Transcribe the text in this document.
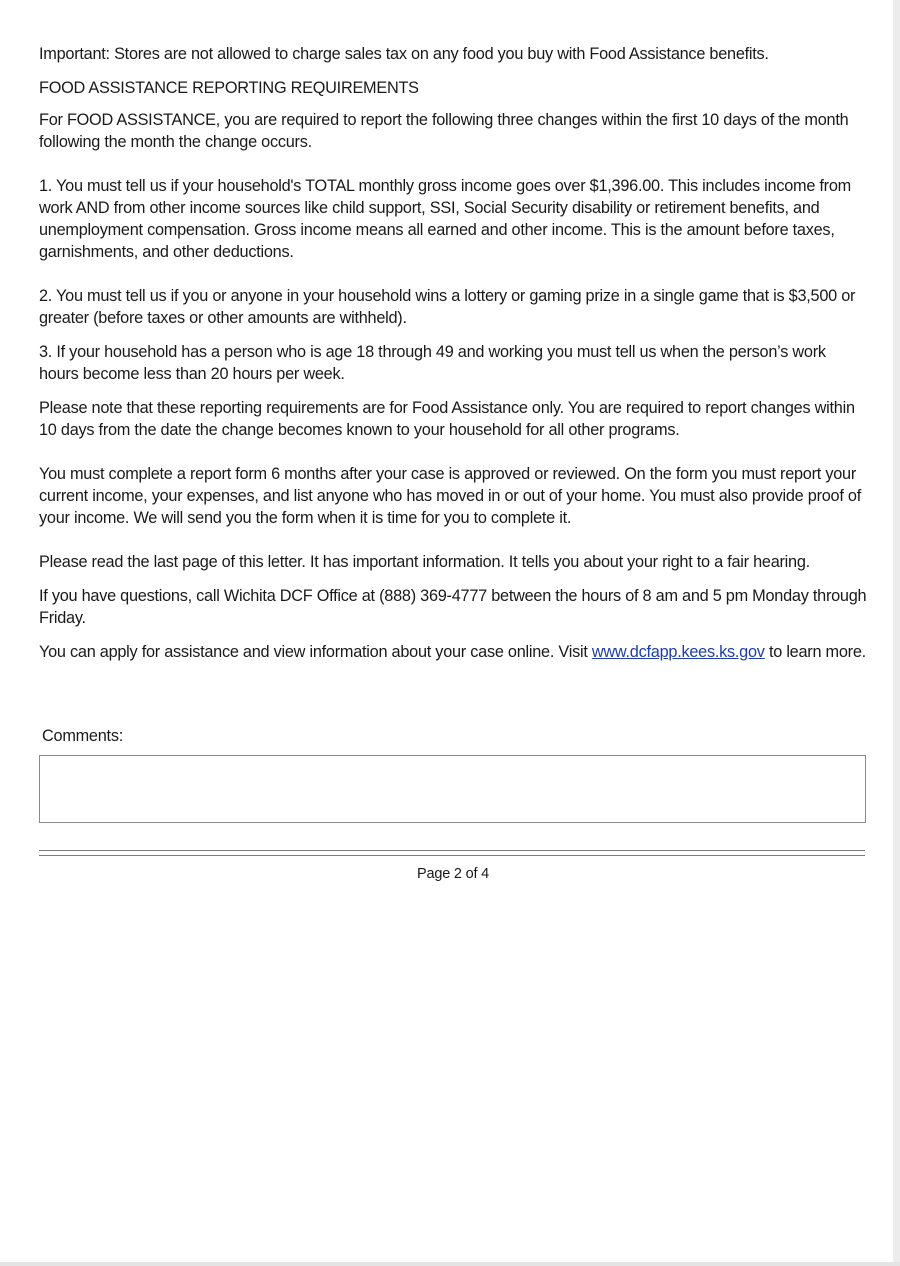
Important: Stores are not allowed to charge sales tax on any food you buy with Food Assistance benefits.

FOOD ASSISTANCE REPORTING REQUIREMENTS

For FOOD ASSISTANCE, you are required to report the following three changes within the first 10 days of the month following the month the change occurs.

1. You must tell us if your household's TOTAL monthly gross income goes over $1,396.00. This includes income from work AND from other income sources like child support, SSI, Social Security disability or retirement benefits, and unemployment compensation. Gross income means all earned and other income. This is the amount before taxes, garnishments, and other deductions.

2. You must tell us if you or anyone in your household wins a lottery or gaming prize in a single game that is $3,500 or greater (before taxes or other amounts are withheld).

3. If your household has a person who is age 18 through 49 and working you must tell us when the person’s work hours become less than 20 hours per week.

Please note that these reporting requirements are for Food Assistance only. You are required to report changes within 10 days from the date the change becomes known to your household for all other programs.

You must complete a report form 6 months after your case is approved or reviewed. On the form you must report your current income, your expenses, and list anyone who has moved in or out of your home. You must also provide proof of your income. We will send you the form when it is time for you to complete it.

Please read the last page of this letter. It has important information. It tells you about your right to a fair hearing.

If you have questions, call Wichita DCF Office at (888) 369-4777 between the hours of 8 am and 5 pm Monday through Friday.

You can apply for assistance and view information about your case online. Visit www.dcfapp.kees.ks.gov to learn more.

Comments:
Page 2 of 4
